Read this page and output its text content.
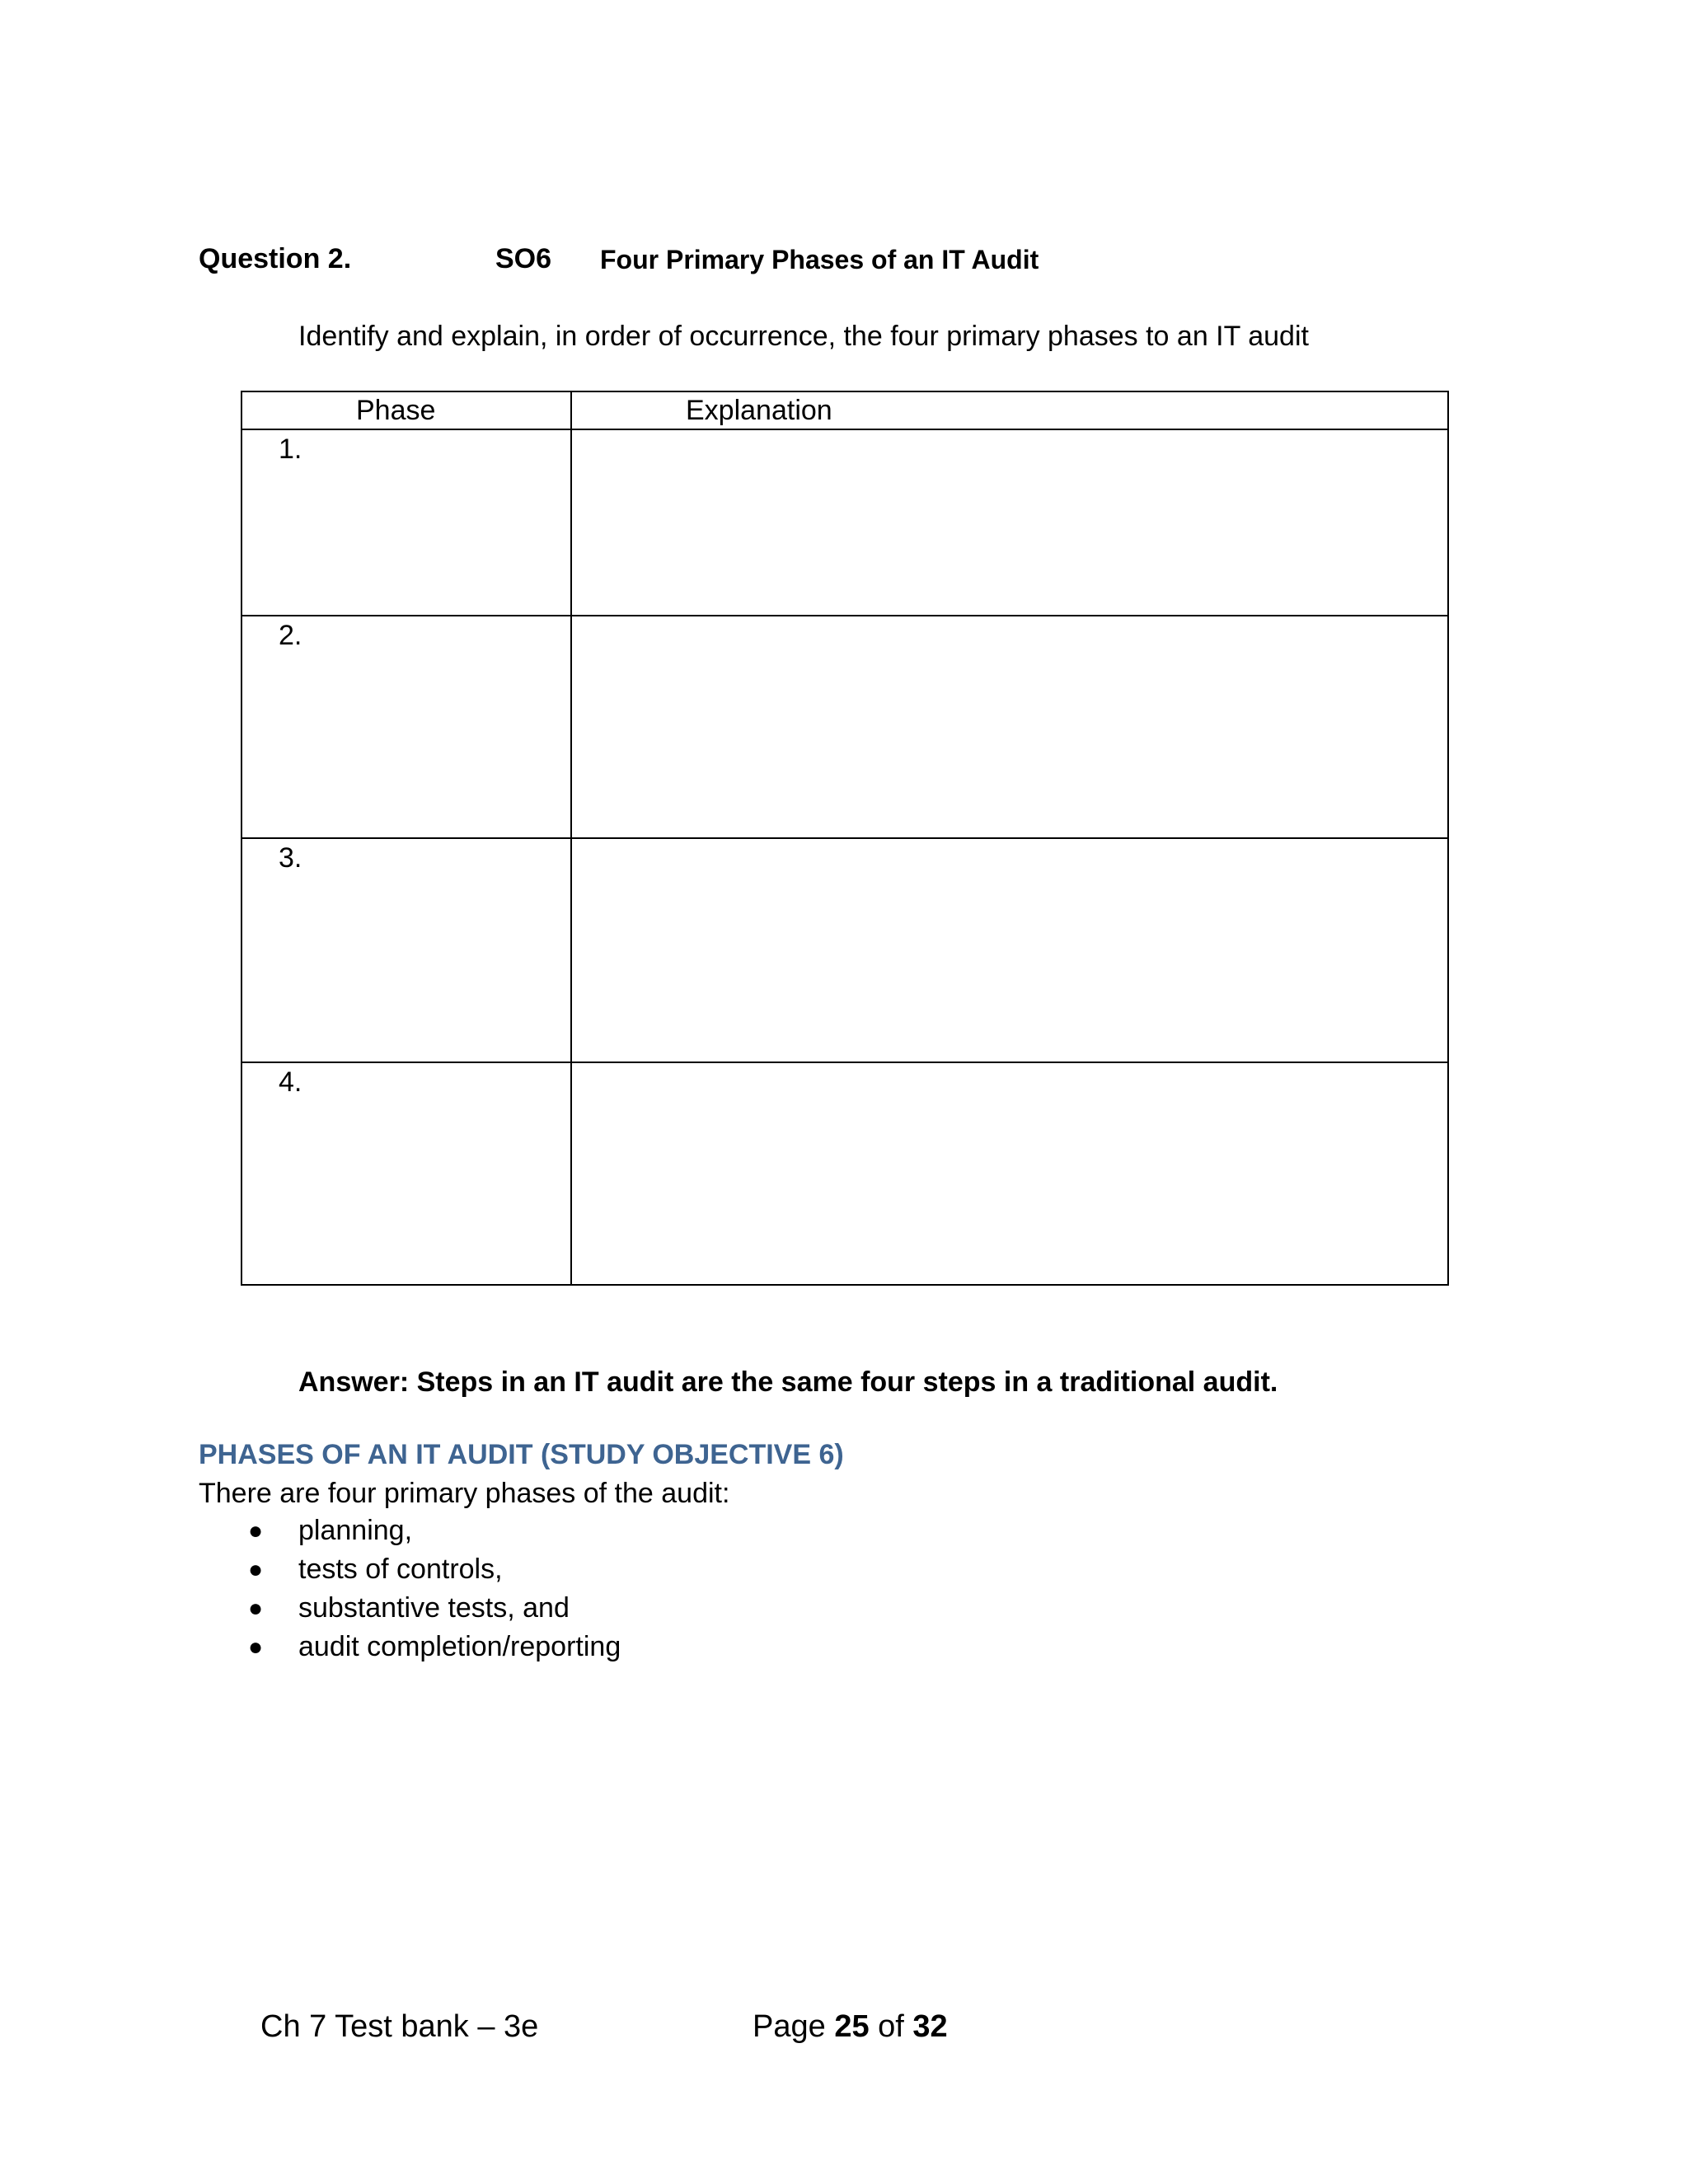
Question 2.	SO6 Four Primary Phases of an IT Audit
Identify and explain, in order of occurrence, the four primary phases to an IT audit
Phase	Explanation
1.	
2.	
3.	
4.	
Answer: Steps in an IT audit are the same four steps in a traditional audit.
PHASES OF AN IT AUDIT (STUDY OBJECTIVE 6)
There are four primary phases of the audit:
● planning,
● tests of controls,
● substantive tests, and
● audit completion/reporting
Ch 7 Test bank – 3e	Page 25 of 32
